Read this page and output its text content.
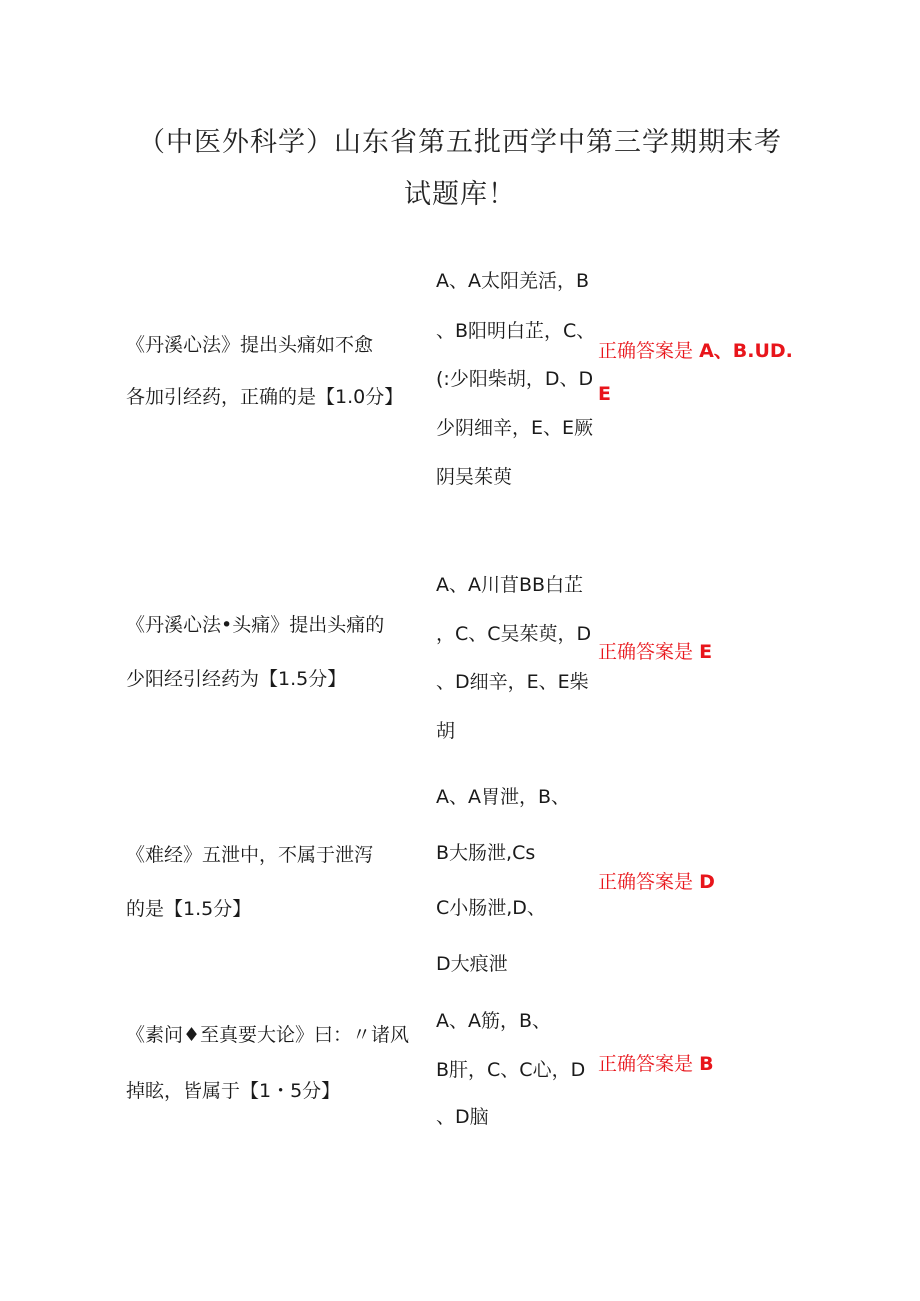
（中医外科学）山东省第五批西学中第三学期期末考
试题库！
《丹溪心法》提出头痛如不愈
各加引经药，正确的是【1.0分】
A、A太阳羌活，B
、B阳明白芷，C、
(:少阳柴胡，D、D
少阴细辛，E、E厥
阴吴茱萸
正确答案是 A、B.UD.
E
《丹溪心法•头痛》提出头痛的
少阳经引经药为【1.5分】
A、A川苜BB白芷
，C、C吴茱萸，D
、D细辛，E、E柴
胡
正确答案是 E
《难经》五泄中，不属于泄泻
的是【1.5分】
A、A胃泄，B、
B大肠泄,Cs
C小肠泄,D、
D大痕泄
正确答案是 D
《素问♦至真要大论》曰：〃诸风
掉眩，皆属于【1・5分】
A、A筋，B、
B肝，C、C心，D
、D脑
正确答案是 B
